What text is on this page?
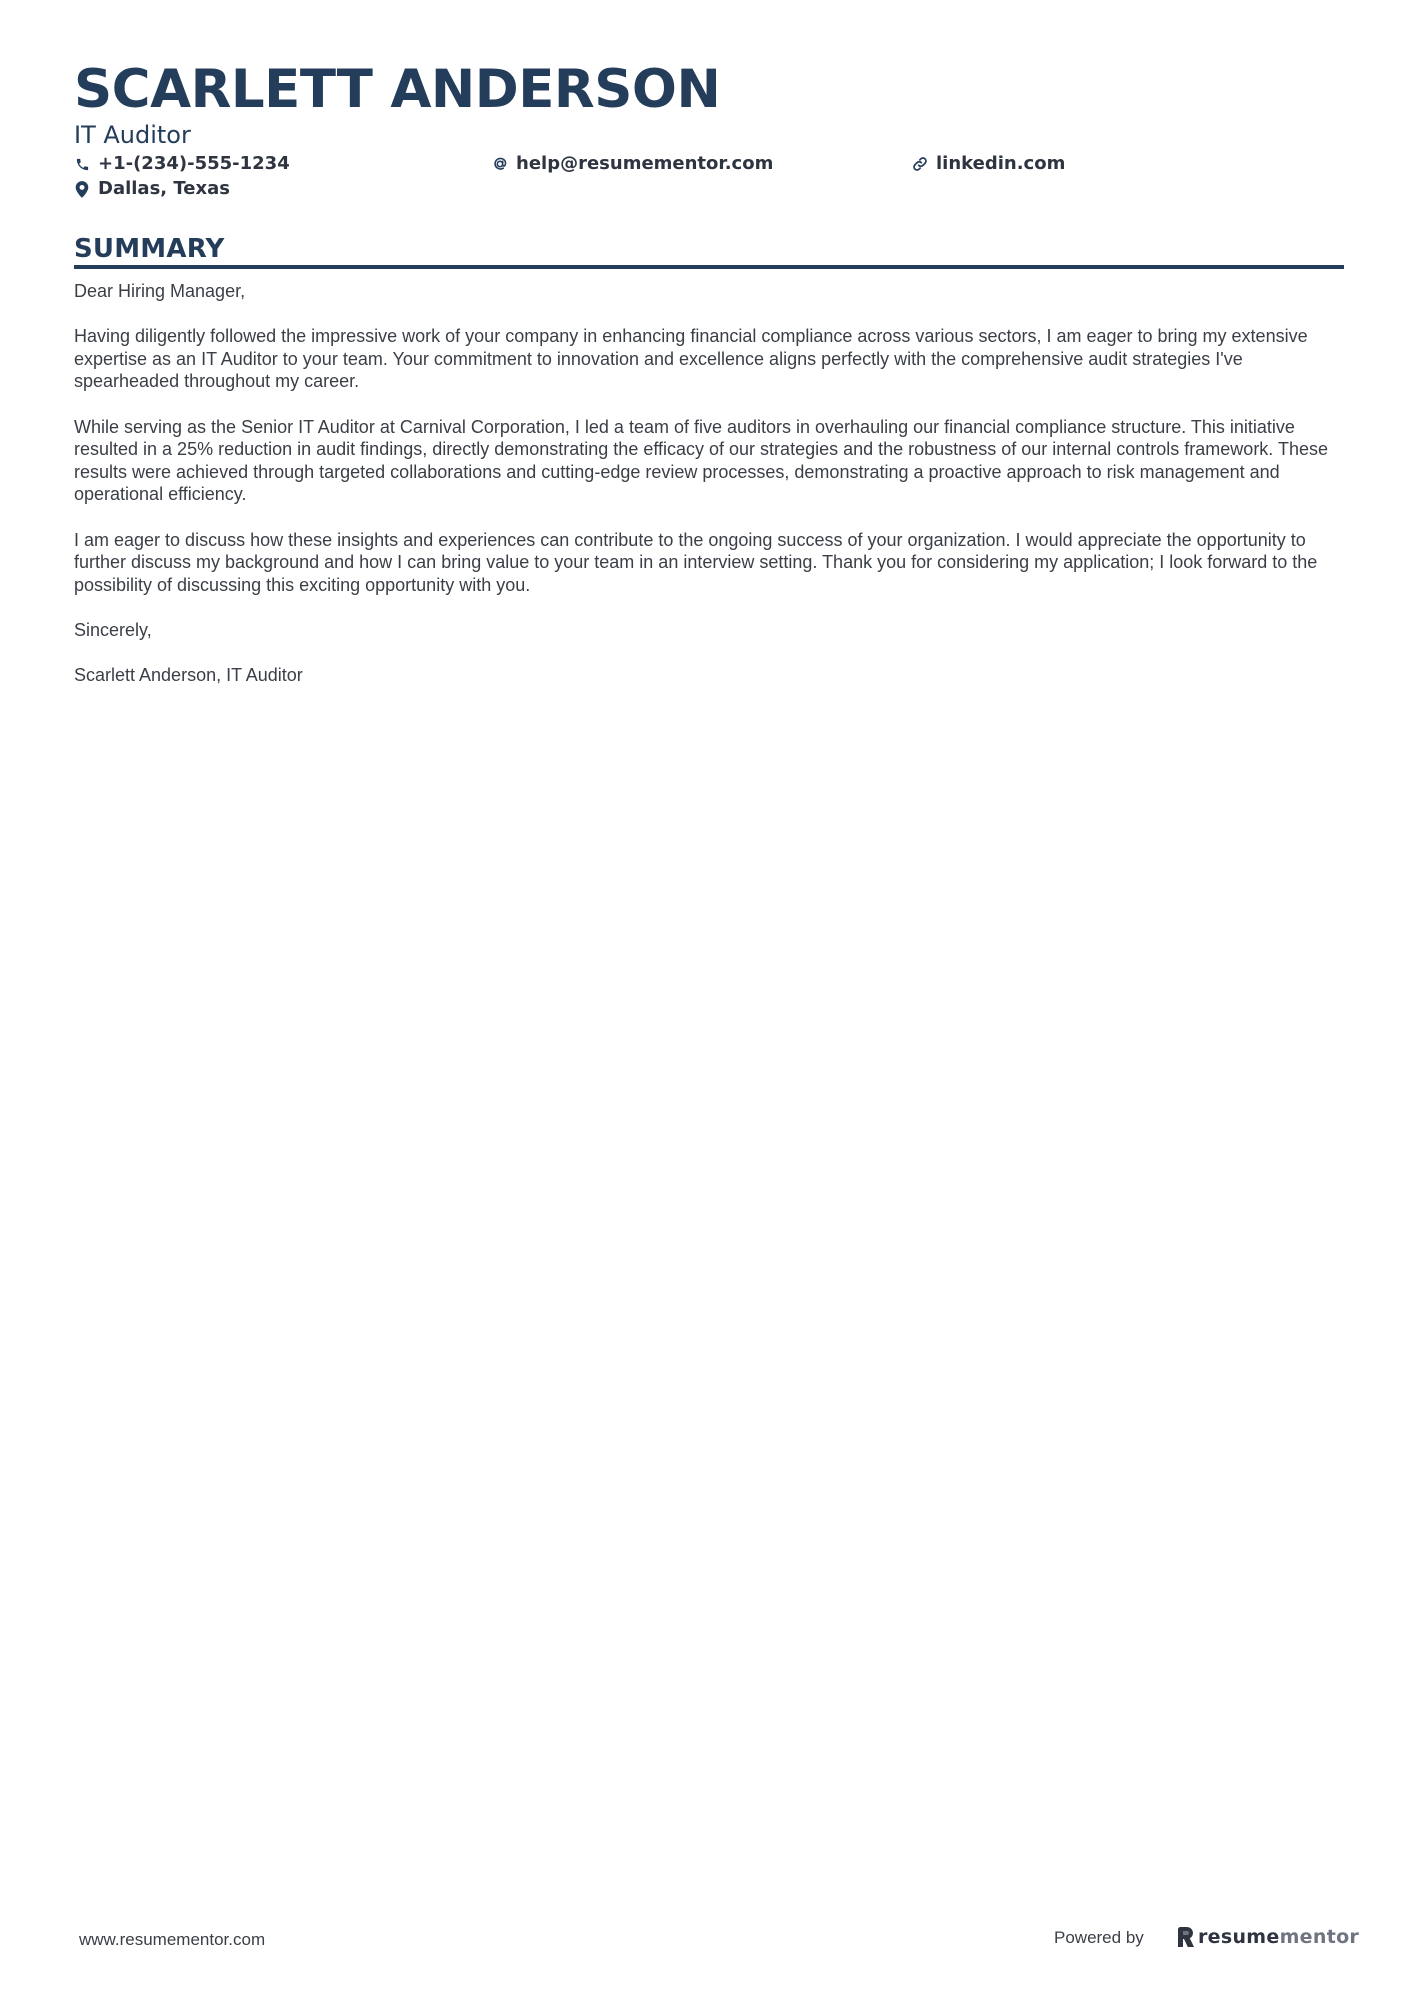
SCARLETT ANDERSON
IT Auditor
+1-(234)-555-1234	help@resumementor.com	linkedin.com
Dallas, Texas
SUMMARY

Dear Hiring Manager,

Having diligently followed the impressive work of your company in enhancing financial compliance across various sectors, I am eager to bring my extensive expertise as an IT Auditor to your team. Your commitment to innovation and excellence aligns perfectly with the comprehensive audit strategies I've spearheaded throughout my career.

While serving as the Senior IT Auditor at Carnival Corporation, I led a team of five auditors in overhauling our financial compliance structure. This initiative resulted in a 25% reduction in audit findings, directly demonstrating the efficacy of our strategies and the robustness of our internal controls framework. These results were achieved through targeted collaborations and cutting-edge review processes, demonstrating a proactive approach to risk management and operational efficiency.

I am eager to discuss how these insights and experiences can contribute to the ongoing success of your organization. I would appreciate the opportunity to further discuss my background and how I can bring value to your team in an interview setting. Thank you for considering my application; I look forward to the possibility of discussing this exciting opportunity with you.

Sincerely,

Scarlett Anderson, IT Auditor

www.resumementor.com	Powered by	resumementor
